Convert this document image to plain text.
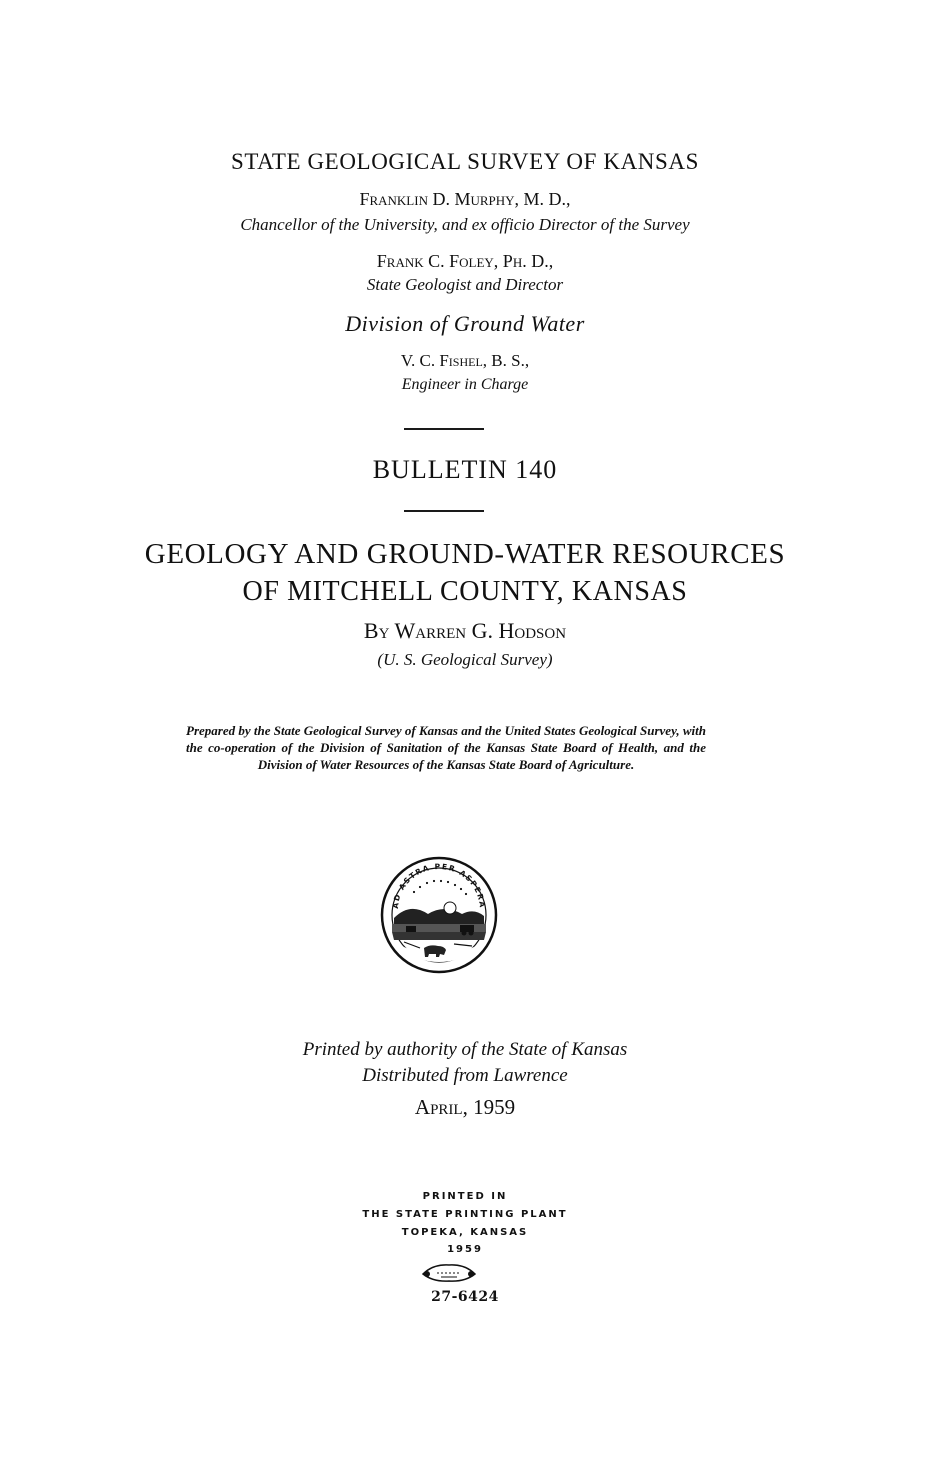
STATE GEOLOGICAL SURVEY OF KANSAS
Franklin D. Murphy, M. D.,
Chancellor of the University, and ex officio Director of the Survey
Frank C. Foley, Ph. D.,
State Geologist and Director
Division of Ground Water
V. C. Fishel, B. S.,
Engineer in Charge
BULLETIN 140
GEOLOGY AND GROUND-WATER RESOURCES
OF MITCHELL COUNTY, KANSAS
By Warren G. Hodson
(U. S. Geological Survey)
Prepared by the State Geological Survey of Kansas and the United States Geological Survey, with the co-operation of the Division of Sanitation of the Kansas State Board of Health, and the Division of Water Resources of the Kansas State Board of Agriculture.
AD ASTRA PER ASPERA
Printed by authority of the State of Kansas
Distributed from Lawrence
April, 1959
PRINTED IN
THE STATE PRINTING PLANT
TOPEKA, KANSAS
1959
27-6424
